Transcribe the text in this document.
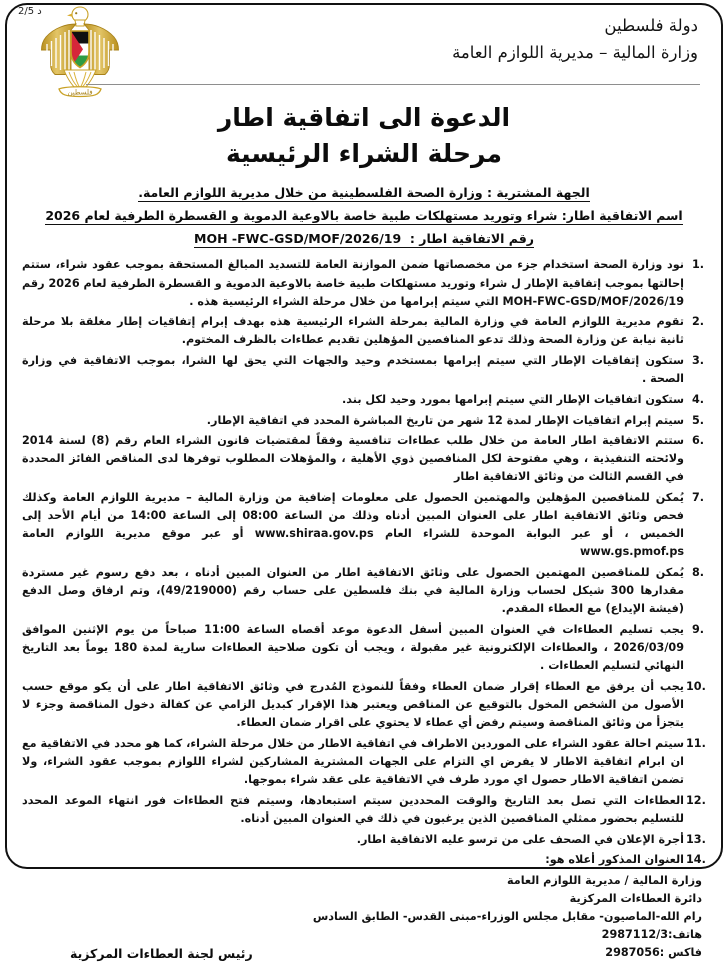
د 2/5
فلسطين
دولة فلسطين
وزارة المالية – مديرية اللوازم العامة
الدعوة الى اتفاقية اطار
مرحلة الشراء الرئيسية
الجهة المشترية : وزارة الصحة الفلسطينية من خلال مديرية اللوازم العامة.
اسم الاتفاقية اطار: شراء وتوريد مستهلكات طبية خاصة بالاوعية الدموية و القسطرة الطرفية لعام 2026
رقم الاتفاقية اطار :  MOH -FWC-GSD/MOF/2026/19
1.
نود وزارة الصحة استخدام جزء من مخصصاتها ضمن الموازنة العامة للتسديد المبالغ المستحقة بموجب عقود شراء، ستتم إحالتها بموجب إتفاقية الإطار ل شراء وتوريد مستهلكات طبية خاصة بالاوعية الدموية و القسطرة الطرفية لعام 2026 رقم MOH-FWC-GSD/MOF/2026/19 التي سيتم إبرامها من خلال مرحلة الشراء الرئيسية هذه .
2.
تقوم مديرية اللوازم العامة في وزارة المالية بمرحلة الشراء الرئيسية هذه بهدف إبرام إتفاقيات إطار مغلقة بلا مرحلة ثانية نيابة عن وزارة الصحة وذلك تدعو المنافصين المؤهلين تقديم عطاءات بالظرف المختوم.
3.
ستكون إتفاقيات الإطار التي سيتم إبرامها بمستخدم وحيد والجهات التي يحق لها الشرا، بموجب الاتفاقية في وزارة الصحة .
4.
ستكون اتفاقيات الإطار التي سيتم إبرامها بمورد وحيد لكل بند.
5.
سيتم إبرام اتفاقيات الإطار لمدة 12 شهر من تاريخ المباشرة المحدد في اتفاقية الإطار.
6.
ستتم الاتفاقية اطار العامة من خلال طلب عطاءات تنافسية وفقاً لمقتضيات قانون الشراء العام رقم (8) لسنة 2014 ولائحته التنفيذية ، وهي مفتوحة لكل المنافصين ذوي الأهلية ، والمؤهلات المطلوب توفرها لدى المناقص الفائز المحددة في القسم الثالث من وثائق الاتفاقية اطار
7.
يُمكن للمنافصين المؤهلين والمهتمين الحصول على معلومات إضافية من وزارة المالية – مديرية اللوازم العامة وكذلك فحص وثائق الاتفاقية اطار على العنوان المبين أدناه وذلك من الساعة 08:00 إلى الساعة 14:00 من أيام الأحد إلى الخميس ، أو عبر البوابة الموحدة للشراء العام www.shiraa.gov.ps أو عبر موقع مديرية اللوازم العامة www.gs.pmof.ps
8.
يُمكن للمناقصين المهتمين الحصول على وثائق الاتفاقية اطار من العنوان المبين أدناه ، بعد دفع رسوم غير مستردة مقدارها 300 شيكل لحساب وزارة المالية في بنك فلسطين على حساب رقم (49/219000)، وتم ارفاق وصل الدفع (فيشة الإيداع) مع العطاء المقدم.
9.
يجب تسليم العطاءات في العنوان المبين أسفل الدعوة موعد أقصاه الساعة 11:00 صباحاً من يوم الإثنين الموافق 2026/03/09 ، والعطاءات الإلكترونية غير مقبولة ، ويجب أن تكون صلاحية العطاءات سارية لمدة 180 يوماً بعد التاريخ النهائي لتسليم العطاءات .
10.
يجب أن يرفق مع العطاء إقرار ضمان العطاء وفقاً للنموذج المُدرج في وثائق الاتفاقية اطار على أن يكو موقع حسب الأصول من الشخص المخول بالتوقيع عن المناقص ويعتبر هذا الإقرار كبديل الزامي عن كفالة دخول المناقصة وجزء لا يتجزأ من وثائق المناقصة وسيتم رفض أي عطاء لا يحتوي على اقرار ضمان العطاء.
11.
سيتم احالة عقود الشراء على الموردين الاطراف في اتفاقية الاطار من خلال مرحلة الشراء، كما هو محدد في الاتفاقية مع ان ابرام اتفاقية الاطار لا يفرض اي التزام على الجهات المشترية المشاركين لشراء اللوازم بموجب عقود الشراء، ولا تضمن اتفاقية الاطار حصول اي مورد طرف في الاتفاقية على عقد شراء بموجها.
12.
العطاءات التي تصل بعد التاريخ والوقت المحددين سيتم استبعادها، وسيتم فتح العطاءات فور انتهاء الموعد المحدد للتسليم بحضور ممثلي المناقصين الذين يرغبون في ذلك في العنوان المبين أدناه.
13.
أجرة الإعلان في الصحف على من ترسو عليه الاتفاقية اطار.
14.
العنوان المذكور أعلاه هو:
وزارة المالية / مديرية اللوازم العامة
دائرة العطاءات المركزية
رام الله-الماصيون- مقابل مجلس الوزراء-مبنى القدس- الطابق السادس
هاتف:2987112/3
فاكس :2987056
رئيس لجنة العطاءات المركزية
